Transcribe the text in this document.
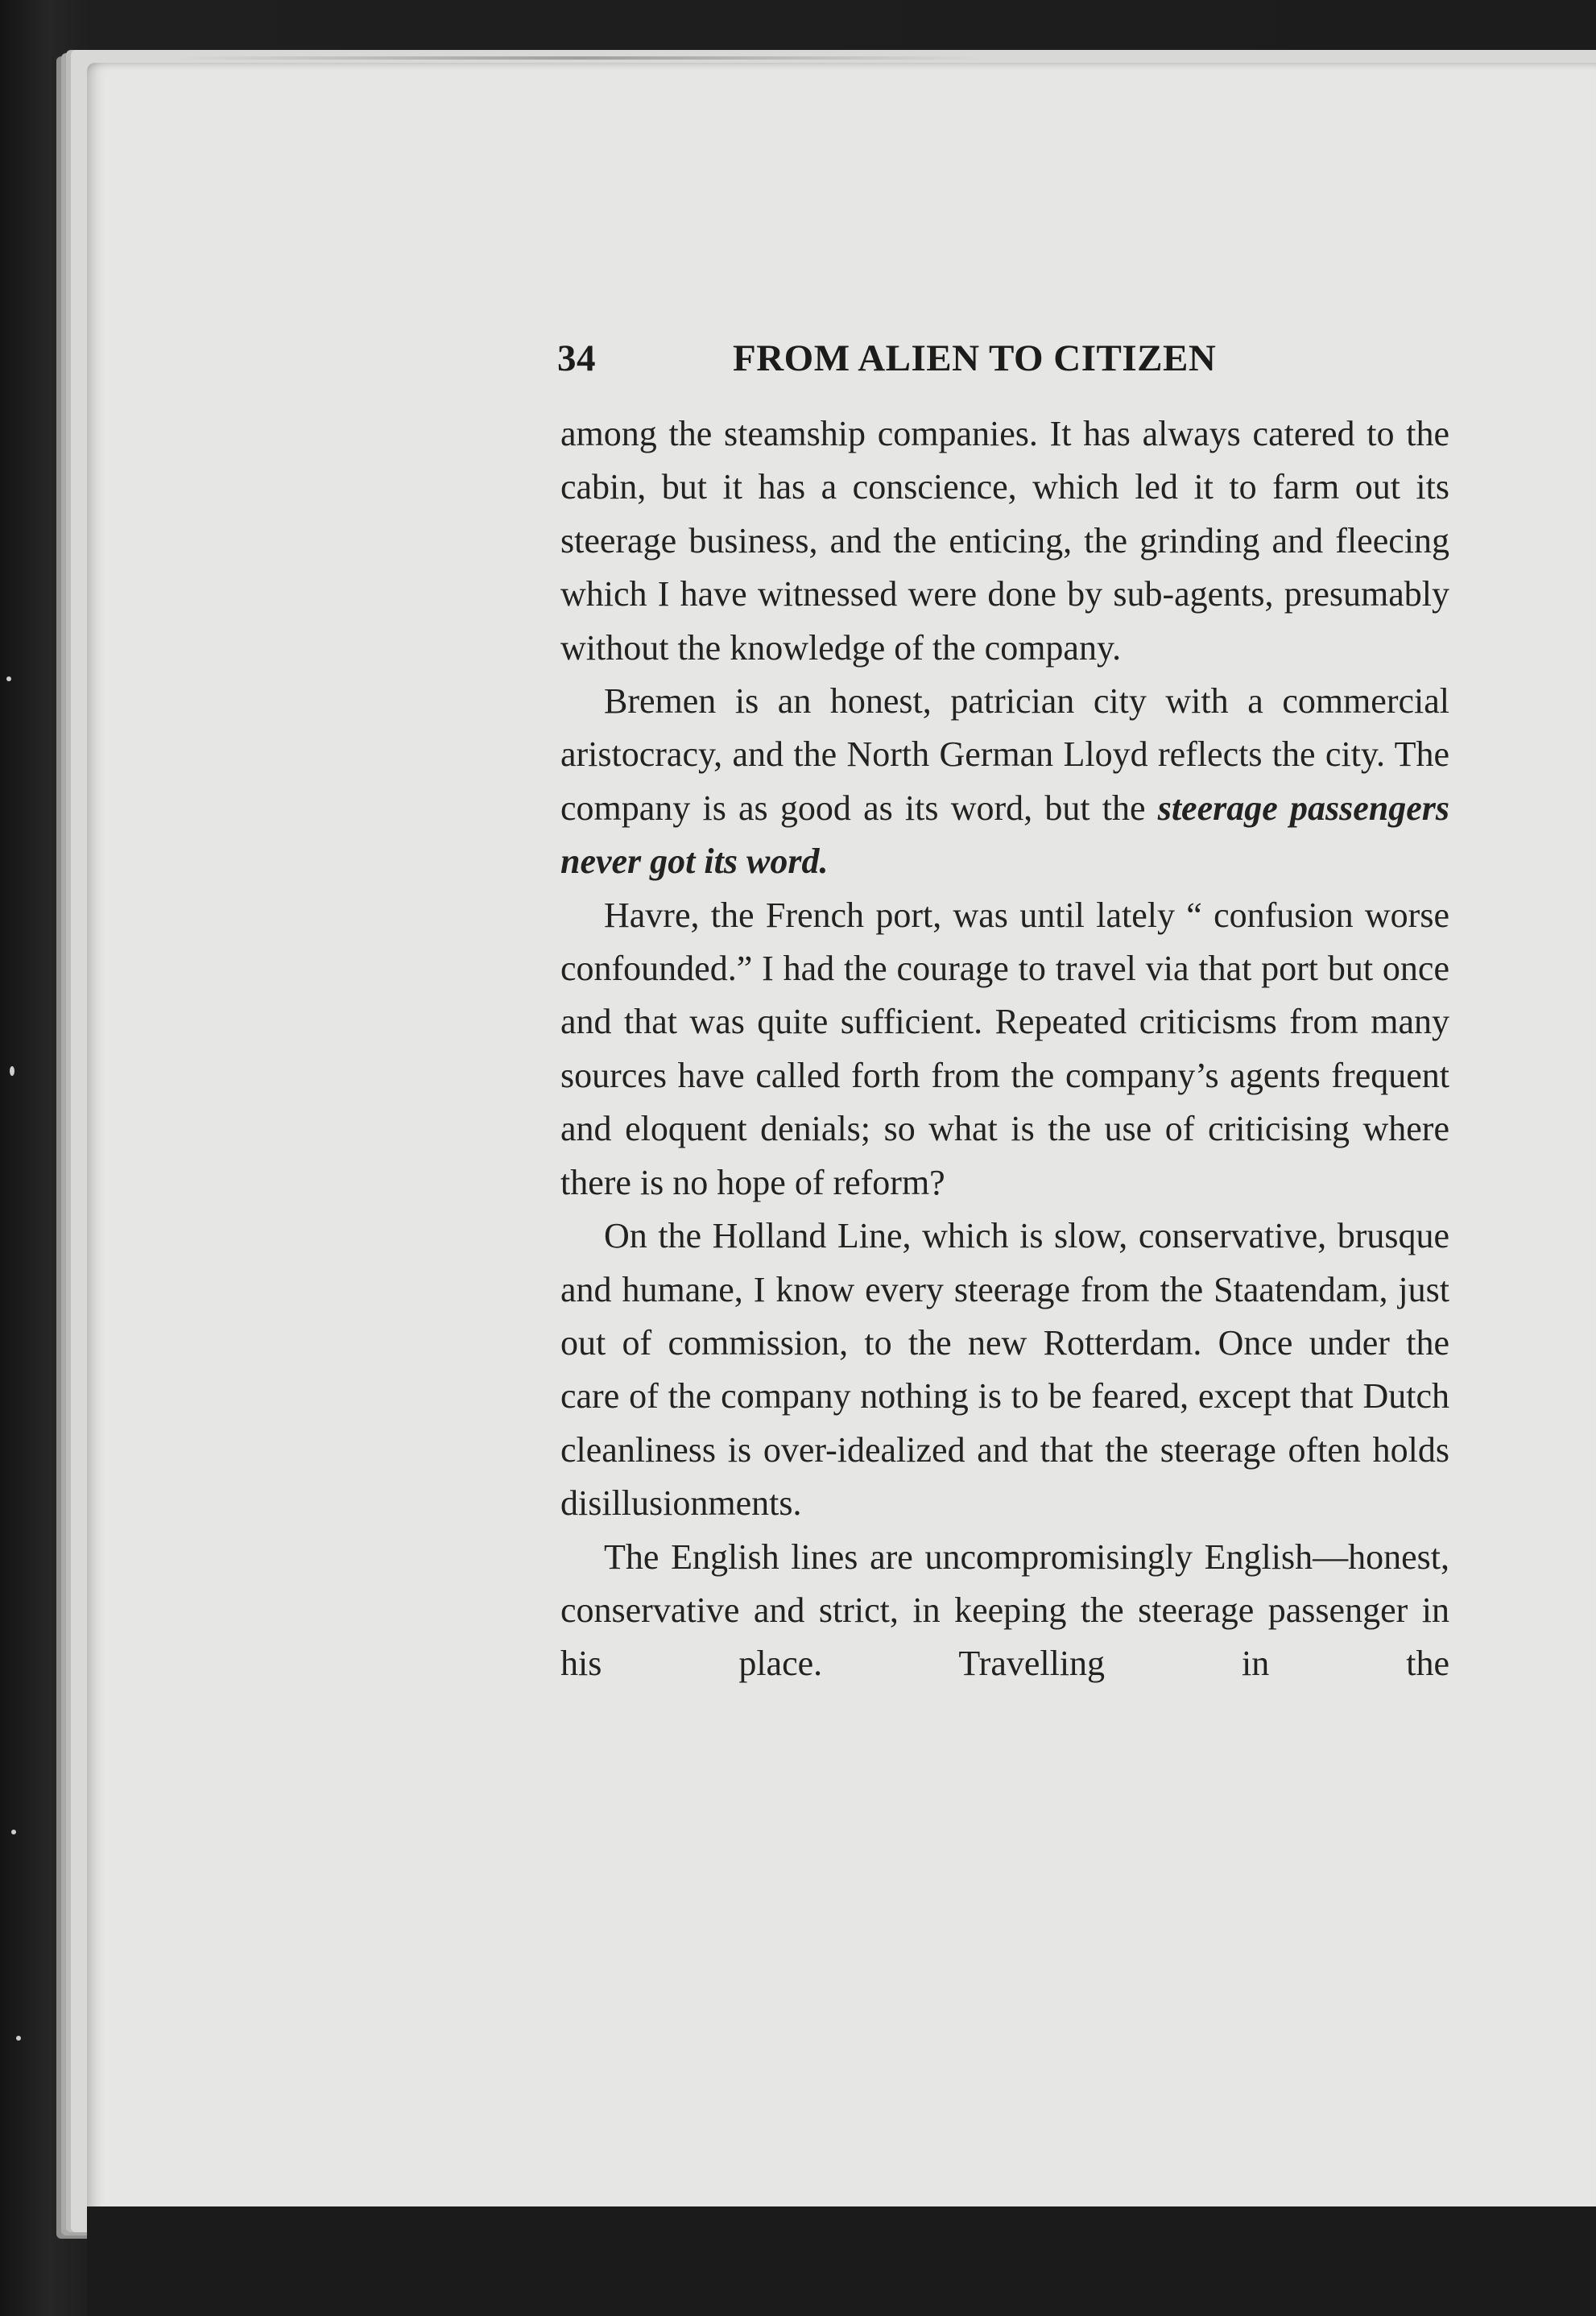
34	FROM ALIEN TO CITIZEN

among the steamship companies. It has always catered to the cabin, but it has a conscience, which led it to farm out its steerage business, and the enticing, the grinding and fleecing which I have witnessed were done by sub-agents, presumably without the knowledge of the company.

Bremen is an honest, patrician city with a commercial aristocracy, and the North German Lloyd reflects the city. The company is as good as its word, but the steerage passengers never got its word.

Havre, the French port, was until lately “ confusion worse confounded.” I had the courage to travel via that port but once and that was quite sufficient. Repeated criticisms from many sources have called forth from the company’s agents frequent and eloquent denials; so what is the use of criticising where there is no hope of reform?

On the Holland Line, which is slow, conservative, brusque and humane, I know every steerage from the Staatendam, just out of commission, to the new Rotterdam. Once under the care of the company nothing is to be feared, except that Dutch cleanliness is over-idealized and that the steerage often holds disillusionments.

The English lines are uncompromisingly English—honest, conservative and strict, in keeping the steerage passenger in his place. Travelling in the
